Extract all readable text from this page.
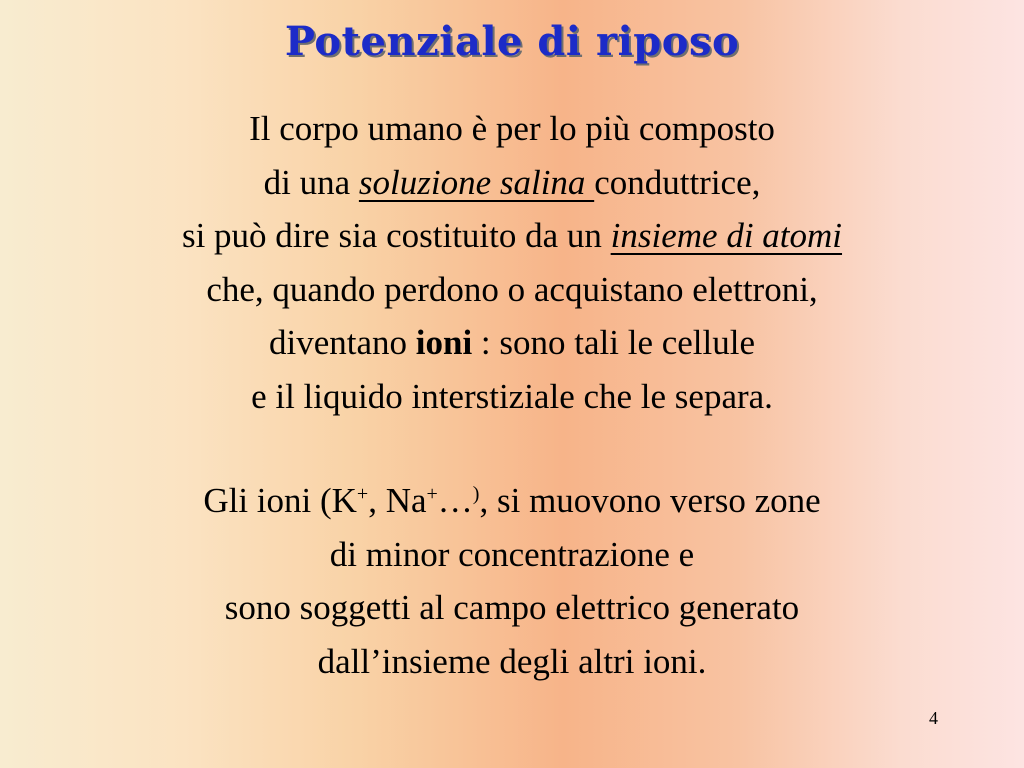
Potenziale di riposo
Il corpo umano è per lo più composto
di una soluzione salina conduttrice,
si può dire sia costituito da un insieme di atomi
che, quando perdono o acquistano elettroni,
diventano ioni : sono tali le cellule
e il liquido interstiziale che le separa.
Gli ioni (K+, Na+…), si muovono verso zone
di minor concentrazione e
sono soggetti al campo elettrico generato
dall’insieme degli altri ioni.
4
